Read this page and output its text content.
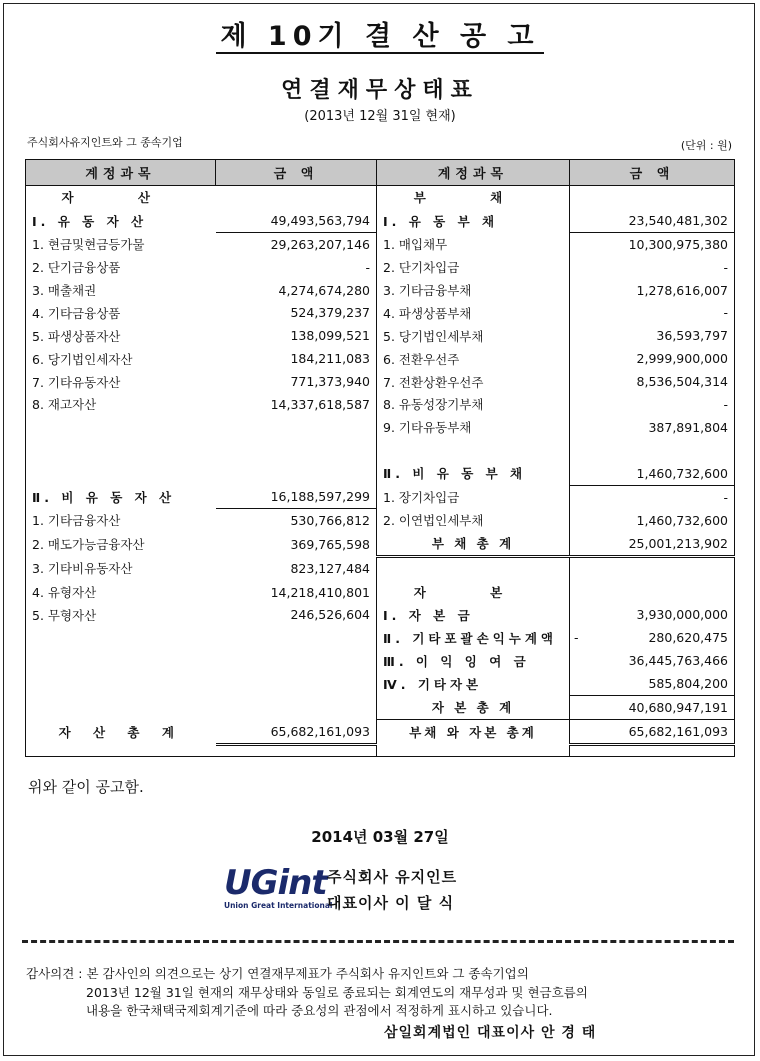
제 10기 결 산 공 고
연결재무상태표
(2013년 12월 31일 현재)
주식회사유지인트와 그 종속기업	(단위 : 원)
계정과목	금 액	계정과목	금 액
자 산		부 채	
Ⅰ. 유 동 자 산	49,493,563,794	Ⅰ. 유 동 부 채	23,540,481,302
1. 현금및현금등가물	29,263,207,146	1. 매입채무	10,300,975,380
2. 단기금융상품	-	2. 단기차입금	-
3. 매출채권	4,274,674,280	3. 기타금융부채	1,278,616,007
4. 기타금융상품	524,379,237	4. 파생상품부채	-
5. 파생상품자산	138,099,521	5. 당기법인세부채	36,593,797
6. 당기법인세자산	184,211,083	6. 전환우선주	2,999,900,000
7. 기타유동자산	771,373,940	7. 전환상환우선주	8,536,504,314
8. 재고자산	14,337,618,587	8. 유동성장기부채	-
		9. 기타유동부채	387,891,804

		Ⅱ. 비 유 동 부 채	1,460,732,600
Ⅱ. 비 유 동 자 산	16,188,597,299	1. 장기차입금	-
1. 기타금융자산	530,766,812	2. 이연법인세부채	1,460,732,600
2. 매도가능금융자산	369,765,598	부 채 총 계	25,001,213,902
3. 기타비유동자산	823,127,484		
4. 유형자산	14,218,410,801	자 본	
5. 무형자산	246,526,604	Ⅰ. 자 본 금	3,930,000,000
		Ⅱ. 기타포괄손익누계액	- 280,620,475
		Ⅲ. 이 익 잉 여 금	36,445,763,466
		Ⅳ. 기타자본	585,804,200
		자 본 총 계	40,680,947,191
자 산 총 계	65,682,161,093	부채 와 자본 총계	65,682,161,093

위와 같이 공고함.
2014년 03월 27일
UGint
Union Great International
주식회사 유지인트
대표이사 이 달 식
감사의견 : 본 감사인의 의견으로는 상기 연결재무제표가 주식회사 유지인트와 그 종속기업의
2013년 12월 31일 현재의 재무상태와 동일로 종료되는 회계연도의 재무성과 및 현금흐름의
내용을 한국채택국제회계기준에 따라 중요성의 관점에서 적정하게 표시하고 있습니다.
삼일회계법인 대표이사 안 경 태
